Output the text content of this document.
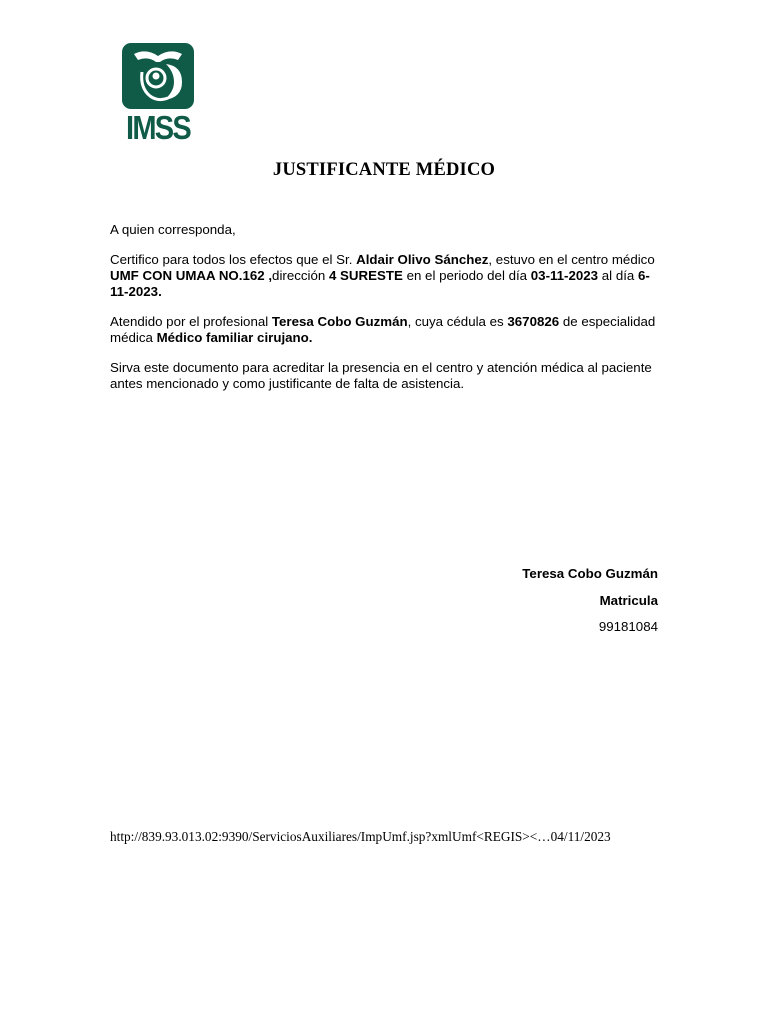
IMSS
JUSTIFICANTE MÉDICO
A quien corresponda,
Certifico para todos los efectos que el Sr. Aldair Olivo Sánchez, estuvo en el centro médico UMF CON UMAA NO.162 ,dirección 4 SURESTE en el periodo del día 03-11-2023 al día 6-11-2023.
Atendido por el profesional Teresa Cobo Guzmán, cuya cédula es 3670826 de especialidad médica Médico familiar cirujano.
Sirva este documento para acreditar la presencia en el centro y atención médica al paciente antes mencionado y como justificante de falta de asistencia.
Teresa Cobo Guzmán
Matricula
99181084
http://839.93.013.02:9390/ServiciosAuxiliares/ImpUmf.jsp?xmlUmf<REGIS><…04/11/2023
